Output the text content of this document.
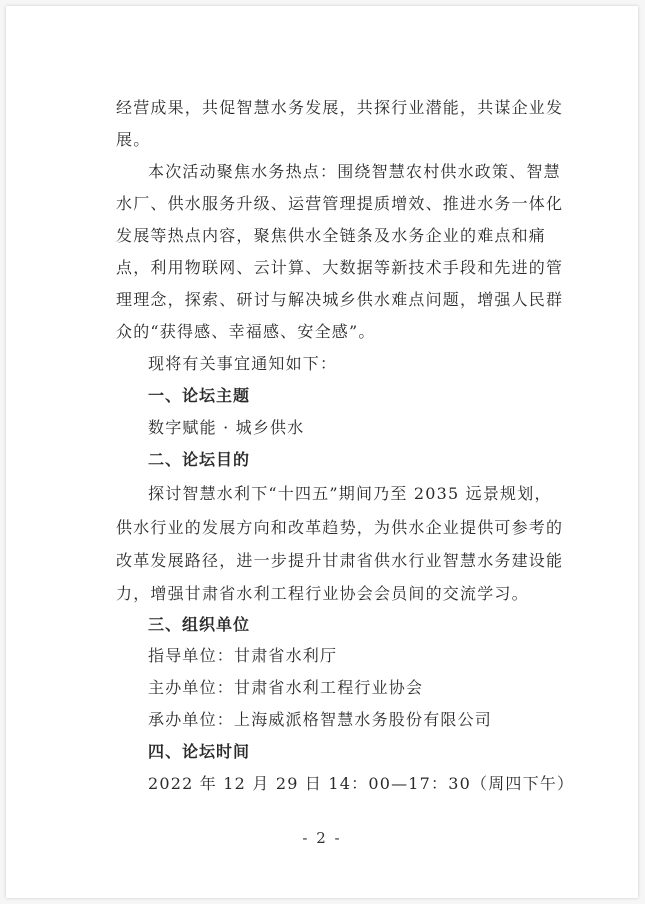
经营成果，共促智慧水务发展，共探行业潜能，共谋企业发
展。
本次活动聚焦水务热点：围绕智慧农村供水政策、智慧
水厂、供水服务升级、运营管理提质增效、推进水务一体化
发展等热点内容，聚焦供水全链条及水务企业的难点和痛
点，利用物联网、云计算、大数据等新技术手段和先进的管
理理念，探索、研讨与解决城乡供水难点问题，增强人民群
众的“获得感、幸福感、安全感”。
现将有关事宜通知如下：
一、论坛主题
数字赋能 · 城乡供水
二、论坛目的
探讨智慧水利下“十四五”期间乃至 2035 远景规划，
供水行业的发展方向和改革趋势，为供水企业提供可参考的
改革发展路径，进一步提升甘肃省供水行业智慧水务建设能
力，增强甘肃省水利工程行业协会会员间的交流学习。
三、组织单位
指导单位：甘肃省水利厅
主办单位：甘肃省水利工程行业协会
承办单位：上海威派格智慧水务股份有限公司
四、论坛时间
2022 年 12 月 29 日 14：00—17：30（周四下午）
- 2 -
